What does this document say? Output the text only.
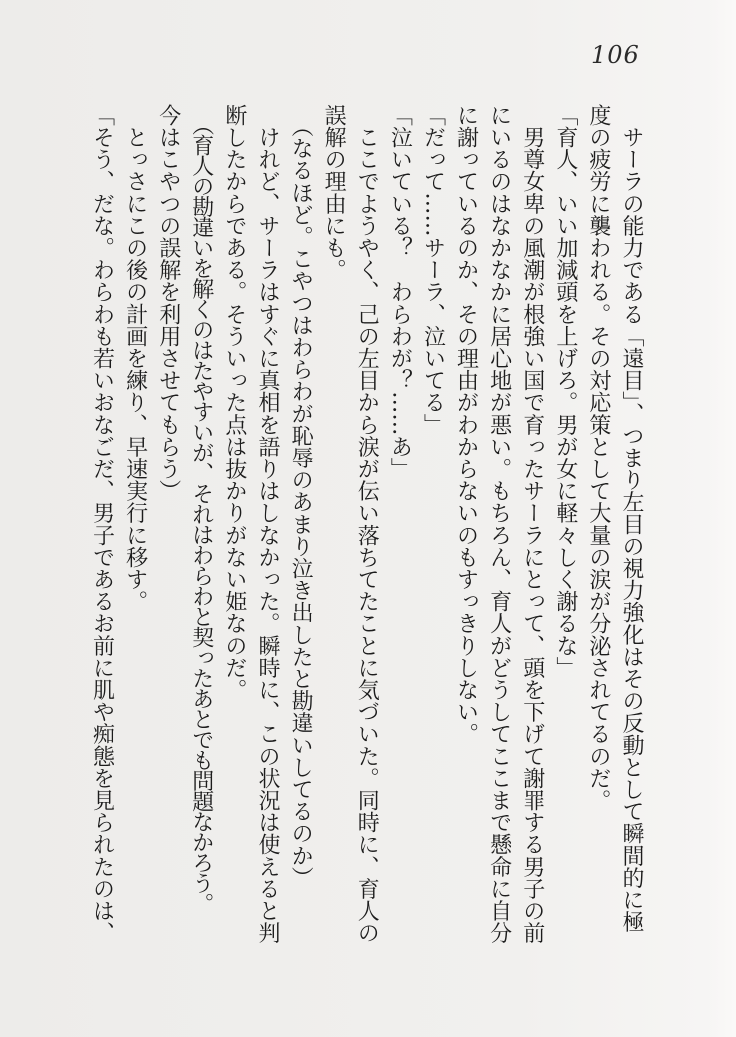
106

　サーラの能力である「遠目」、つまり左目の視力強化はその反動として瞬間的に極

度の疲労に襲われる。その対応策として大量の涙が分泌されてるのだ。

「育人、いい加減頭を上げろ。男が女に軽々しく謝るな」

　男尊女卑の風潮が根強い国で育ったサーラにとって、頭を下げて謝罪する男子の前

にいるのはなかなかに居心地が悪い。もちろん、育人がどうしてここまで懸命に自分

に謝っているのか、その理由がわからないのもすっきりしない。

「だって……サーラ、泣いてる」

「泣いている？　わらわが？……あ」

　ここでようやく、己の左目から涙が伝い落ちてたことに気づいた。同時に、育人の

誤解の理由にも。

　（なるほど。こやつはわらわが恥辱のあまり泣き出したと勘違いしてるのか）

　けれど、サーラはすぐに真相を語りはしなかった。瞬時に、この状況は使えると判

断したからである。そういった点は抜かりがない姫なのだ。

　（育人の勘違いを解くのはたやすいが、それはわらわと契ったあとでも問題なかろう。

今はこやつの誤解を利用させてもらう）

　とっさにこの後の計画を練り、早速実行に移す。

「そう、だな。わらわも若いおなごだ、男子であるお前に肌や痴態を見られたのは、
